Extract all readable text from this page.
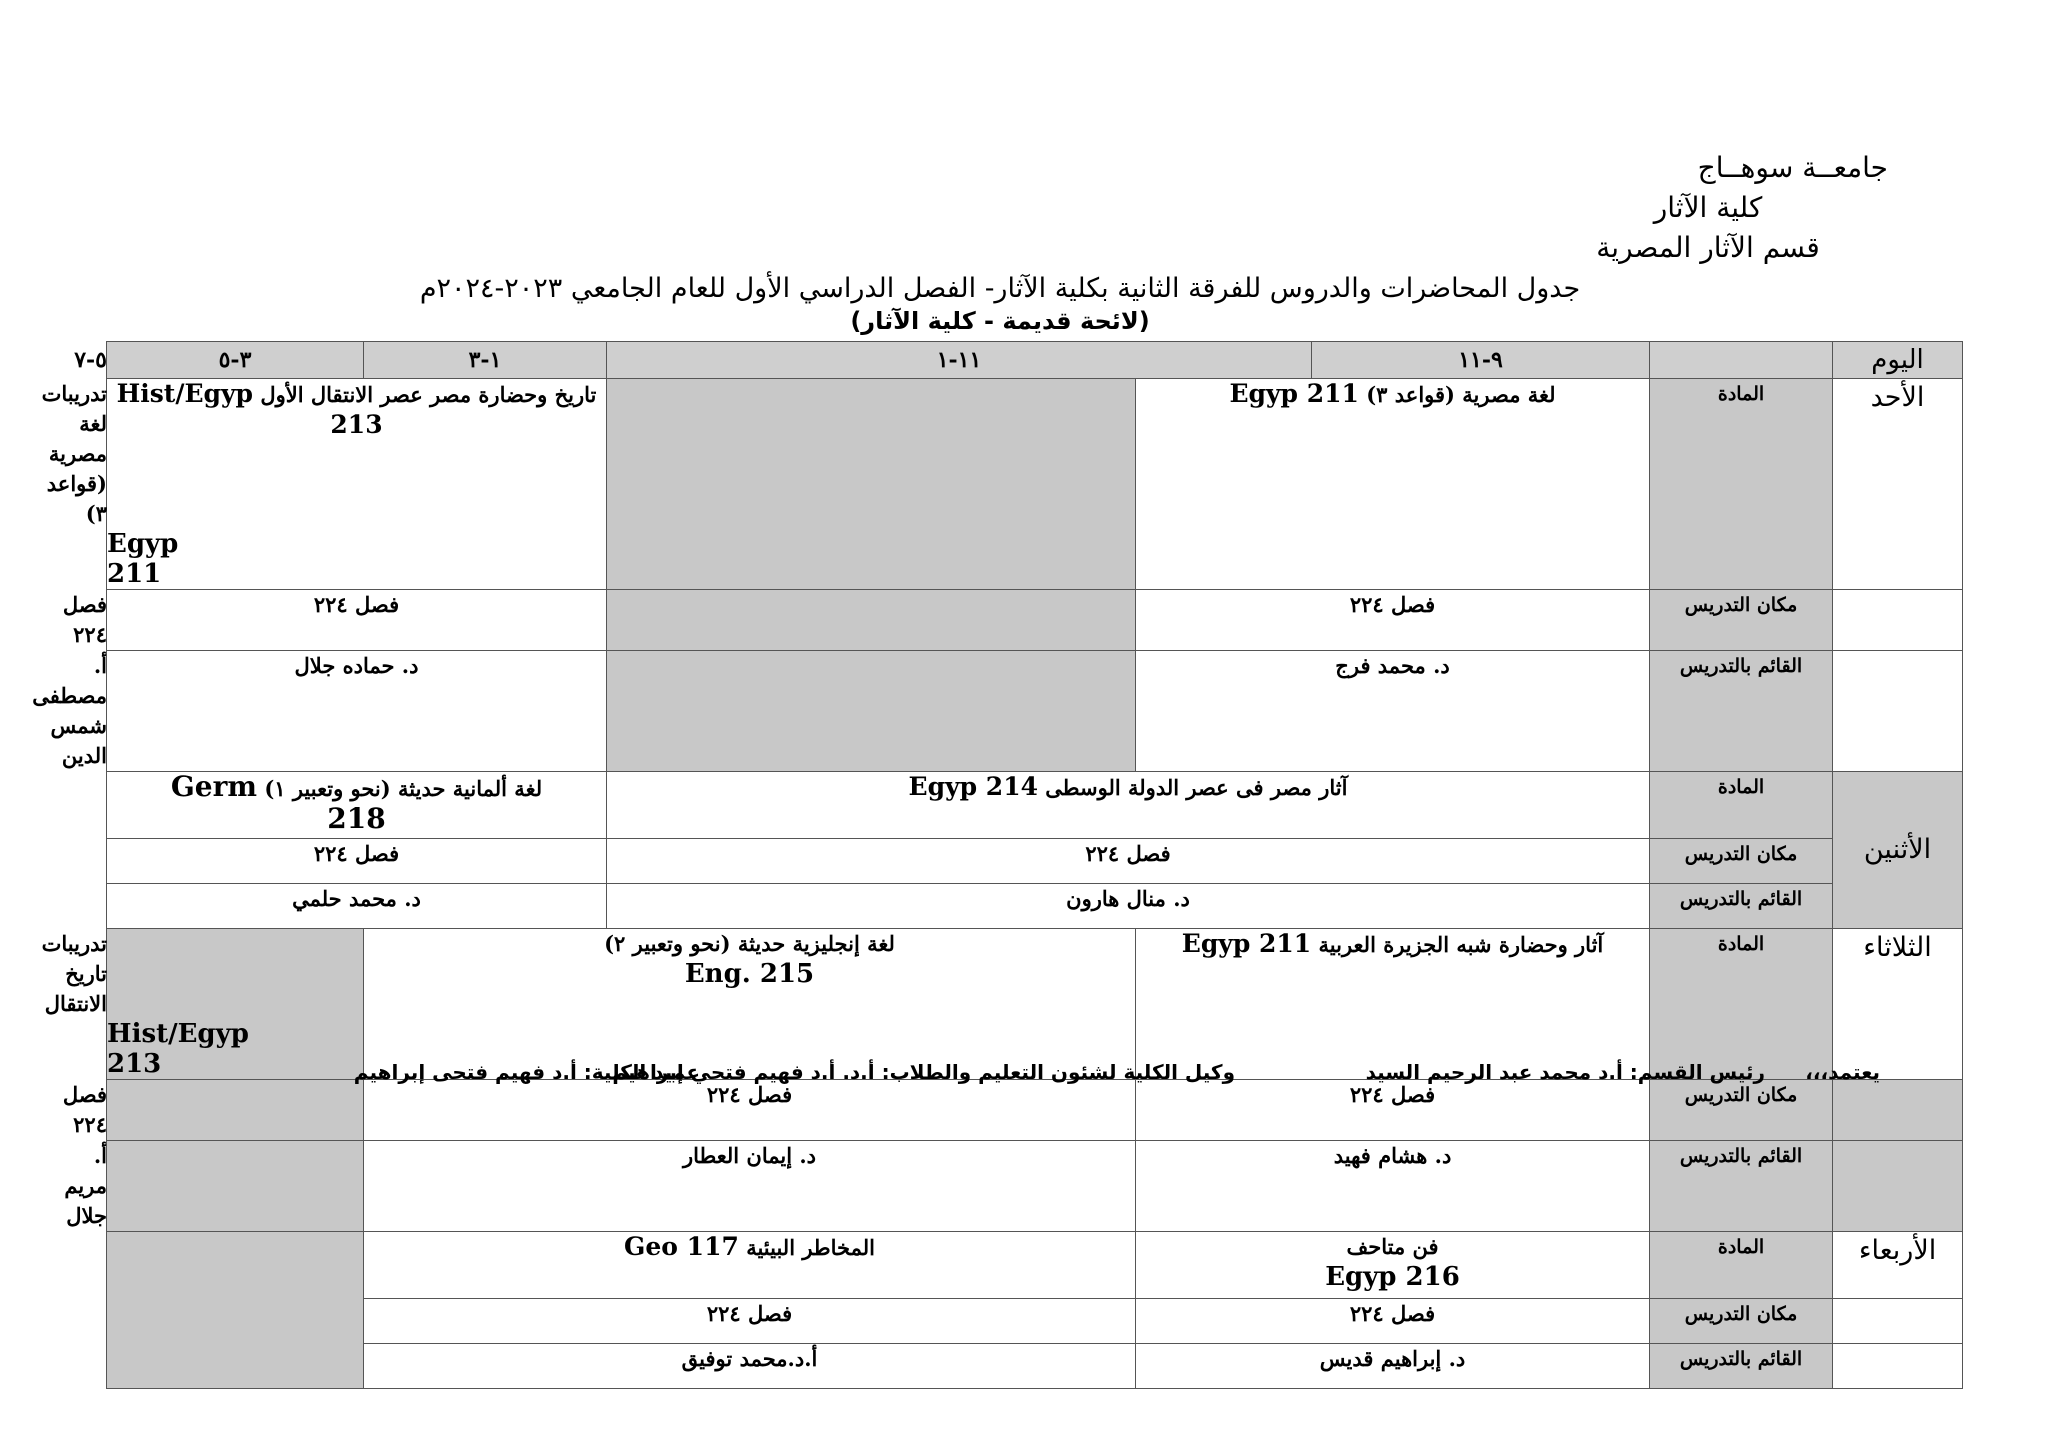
جامعــة سوهــاج
كلية الآثار
قسم الآثار المصرية
جدول المحاضرات والدروس للفرقة الثانية بكلية الآثار- الفصل الدراسي الأول للعام الجامعي ٢٠٢٣-٢٠٢٤م
(لائحة قديمة - كلية الآثار)
اليوم		٩-١١	١١-١		١-٣	٣-٥	٥-٧
الأحد	المادة	لغة مصرية (قواعد ٣) Egyp 211			تاريخ وحضارة مصر عصر الانتقال الأول Hist/Egyp 213		تدريبات لغة مصرية (قواعد ٣)
Egyp 211

	مكان التدريس	فصل ٢٢٤			فصل ٢٢٤		فصل ٢٢٤
	القائم بالتدريس	د. محمد فرج			د. حماده جلال		أ. مصطفى شمس الدين
الأثنين	المادة	آثار مصر فى عصر الدولة الوسطى Egyp 214			لغة ألمانية حديثة (نحو وتعبير ١) Germ
218		

	مكان التدريس	فصل ٢٢٤			فصل ٢٢٤		
	القائم بالتدريس	د. منال هارون			د. محمد حلمي		
الثلاثاء	المادة	آثار وحضارة شبه الجزيرة العربية Egyp 211		لغة إنجليزية حديثة (نحو وتعبير ٢)
Eng. 215			تدريبات تاريخ الانتقال

	مكان التدريس	فصل ٢٢٤		فصل ٢٢٤			فصل ٢٢٤
	القائم بالتدريس	د. هشام فهيد		د. إيمان العطار			أ. مريم جلال
الأربعاء	المادة	فن متاحف
Egyp 216		المخاطر البيئية Geo 117			
	مكان التدريس	فصل ٢٢٤		فصل ٢٢٤			
	القائم بالتدريس	د. إبراهيم قديس		أ.د.محمد توفيق			
يعتمد،،،
رئيس القسم: أ.د محمد عبد الرحيم السيد
وكيل الكلية لشئون التعليم والطلاب: أ.د. أ.د فهيم فتحي إبراهيم
عميد الكلية: أ.د فهيم فتحى إبراهيم
